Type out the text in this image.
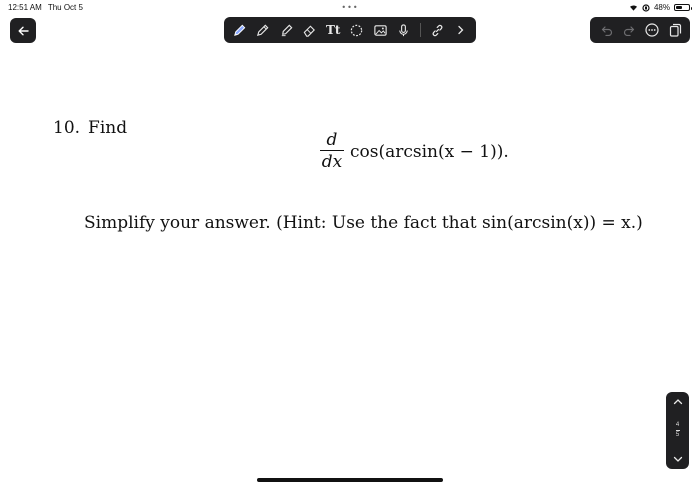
12:51 AM Thu Oct 5	•••	48%
Tt
10. Find
$\frac{d}{dx} \cos(\arcsin(x - 1))$.
Simplify your answer. (Hint: Use the fact that sin(arcsin(x)) = x.)
4
5
